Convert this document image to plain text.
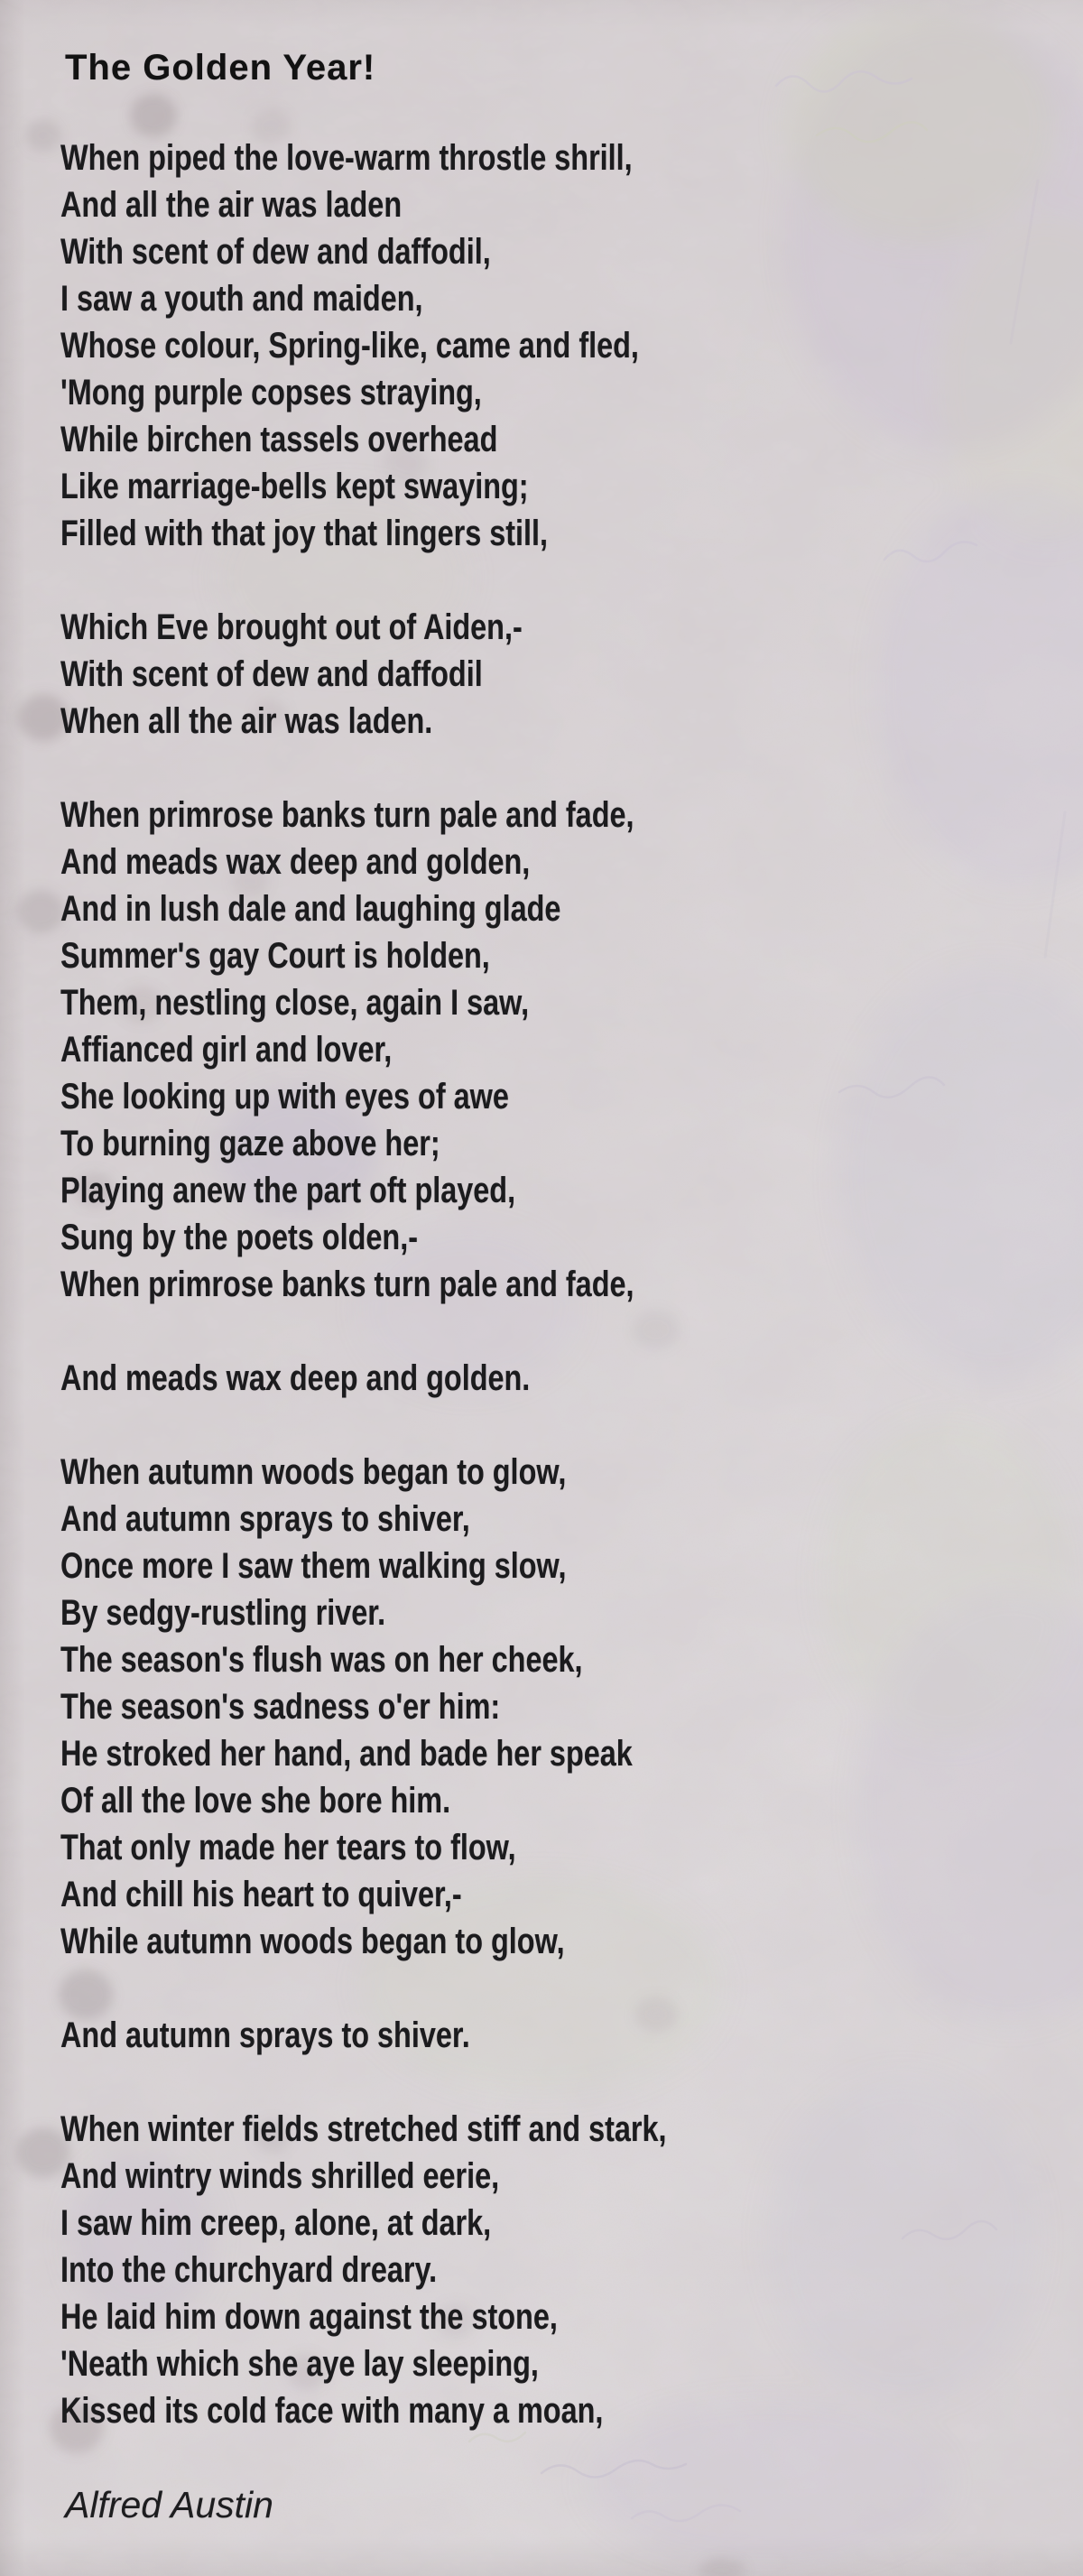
The Golden Year!
When piped the love-warm throstle shrill,
And all the air was laden
With scent of dew and daffodil,
I saw a youth and maiden,
Whose colour, Spring-like, came and fled,
'Mong purple copses straying,
While birchen tassels overhead
Like marriage-bells kept swaying;
Filled with that joy that lingers still,
Which Eve brought out of Aiden,-
With scent of dew and daffodil
When all the air was laden.
When primrose banks turn pale and fade,
And meads wax deep and golden,
And in lush dale and laughing glade
Summer's gay Court is holden,
Them, nestling close, again I saw,
Affianced girl and lover,
She looking up with eyes of awe
To burning gaze above her;
Playing anew the part oft played,
Sung by the poets olden,-
When primrose banks turn pale and fade,
And meads wax deep and golden.
When autumn woods began to glow,
And autumn sprays to shiver,
Once more I saw them walking slow,
By sedgy-rustling river.
The season's flush was on her cheek,
The season's sadness o'er him:
He stroked her hand, and bade her speak
Of all the love she bore him.
That only made her tears to flow,
And chill his heart to quiver,-
While autumn woods began to glow,
And autumn sprays to shiver.
When winter fields stretched stiff and stark,
And wintry winds shrilled eerie,
I saw him creep, alone, at dark,
Into the churchyard dreary.
He laid him down against the stone,
'Neath which she aye lay sleeping,
Kissed its cold face with many a moan,
Alfred Austin
